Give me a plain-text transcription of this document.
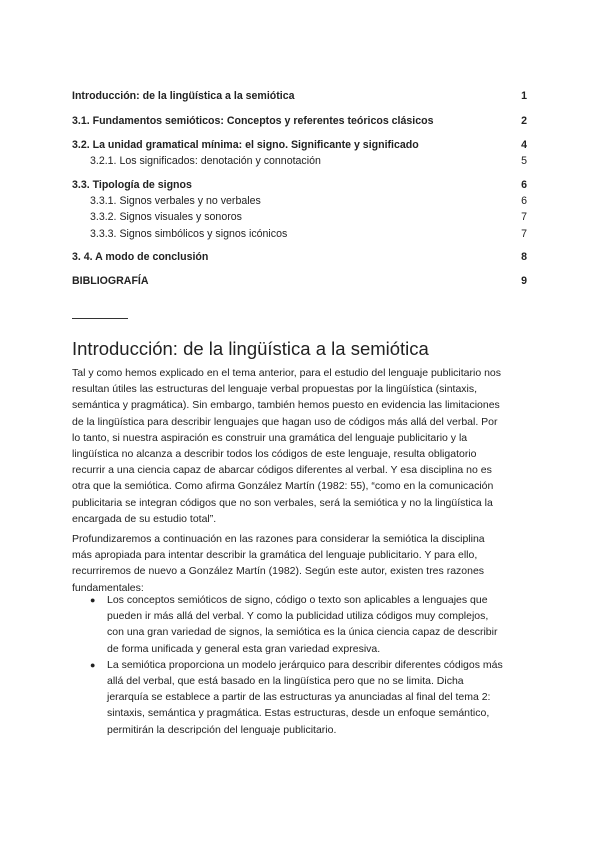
Introducción: de la lingüística a la semiótica	1
3.1. Fundamentos semióticos: Conceptos y referentes teóricos clásicos	2
3.2. La unidad gramatical mínima: el signo. Significante y significado	4
3.2.1. Los significados: denotación y connotación	5
3.3. Tipología de signos	6
3.3.1. Signos verbales y no verbales	6
3.3.2. Signos visuales y sonoros	7
3.3.3. Signos simbólicos y signos icónicos	7
3. 4. A modo de conclusión	8
BIBLIOGRAFÍA	9
Introducción: de la lingüística a la semiótica

Tal y como hemos explicado en el tema anterior, para el estudio del lenguaje publicitario nos
resultan útiles las estructuras del lenguaje verbal propuestas por la lingüística (sintaxis,
semántica y pragmática). Sin embargo, también hemos puesto en evidencia las limitaciones
de la lingüística para describir lenguajes que hagan uso de códigos más allá del verbal. Por
lo tanto, si nuestra aspiración es construir una gramática del lenguaje publicitario y la
lingüística no alcanza a describir todos los códigos de este lenguaje, resulta obligatorio
recurrir a una ciencia capaz de abarcar códigos diferentes al verbal. Y esa disciplina no es
otra que la semiótica. Como afirma González Martín (1982: 55), “como en la comunicación
publicitaria se integran códigos que no son verbales, será la semiótica y no la lingüística la
encargada de su estudio total”.

Profundizaremos a continuación en las razones para considerar la semiótica la disciplina
más apropiada para intentar describir la gramática del lenguaje publicitario. Y para ello,
recurriremos de nuevo a González Martín (1982). Según este autor, existen tres razones
fundamentales:

● Los conceptos semióticos de signo, código o texto son aplicables a lenguajes que
pueden ir más allá del verbal. Y como la publicidad utiliza códigos muy complejos,
con una gran variedad de signos, la semiótica es la única ciencia capaz de describir
de forma unificada y general esta gran variedad expresiva.
● La semiótica proporciona un modelo jerárquico para describir diferentes códigos más
allá del verbal, que está basado en la lingüística pero que no se limita. Dicha
jerarquía se establece a partir de las estructuras ya anunciadas al final del tema 2:
sintaxis, semántica y pragmática. Estas estructuras, desde un enfoque semántico,
permitirán la descripción del lenguaje publicitario.
